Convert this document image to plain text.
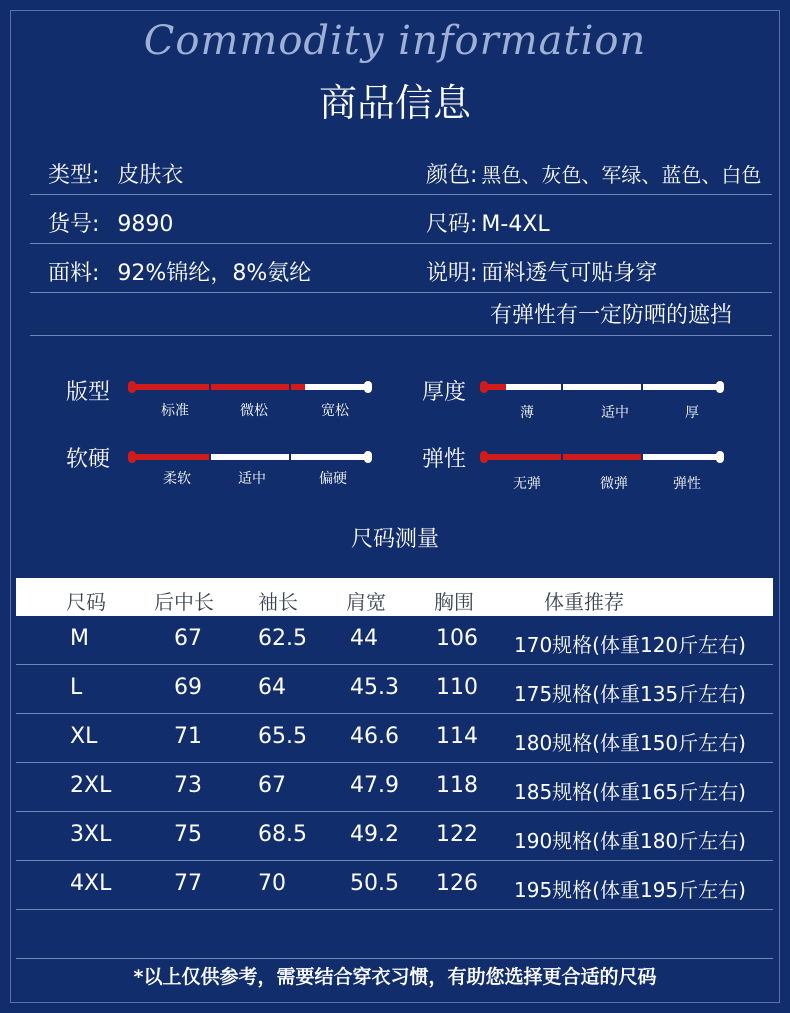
Commodity information
商品信息
类型: 皮肤衣	颜色: 黑色、灰色、军绿、蓝色、白色
货号: 9890	尺码: M-4XL
面料: 92%锦纶，8%氨纶	说明: 面料透气可贴身穿
有弹性有一定防晒的遮挡
版型
标准	微松	宽松
厚度
薄	适中	厚
软硬
柔软	适中	偏硬
弹性
无弹	微弹	弹性
尺码测量
尺码 后中长 袖长 肩宽 胸围	体重推荐
M	67	62.5 44	106 170规格(体重120斤左右)
L	69	64	45.3 110 175规格(体重135斤左右)
XL	71	65.5 46.6 114 180规格(体重150斤左右)
2XL	73	67	47.9 118 185规格(体重165斤左右)
3XL	75	68.5 49.2 122 190规格(体重180斤左右)
4XL	77	70	50.5 126 195规格(体重195斤左右)
*以上仅供参考，需要结合穿衣习惯，有助您选择更合适的尺码
